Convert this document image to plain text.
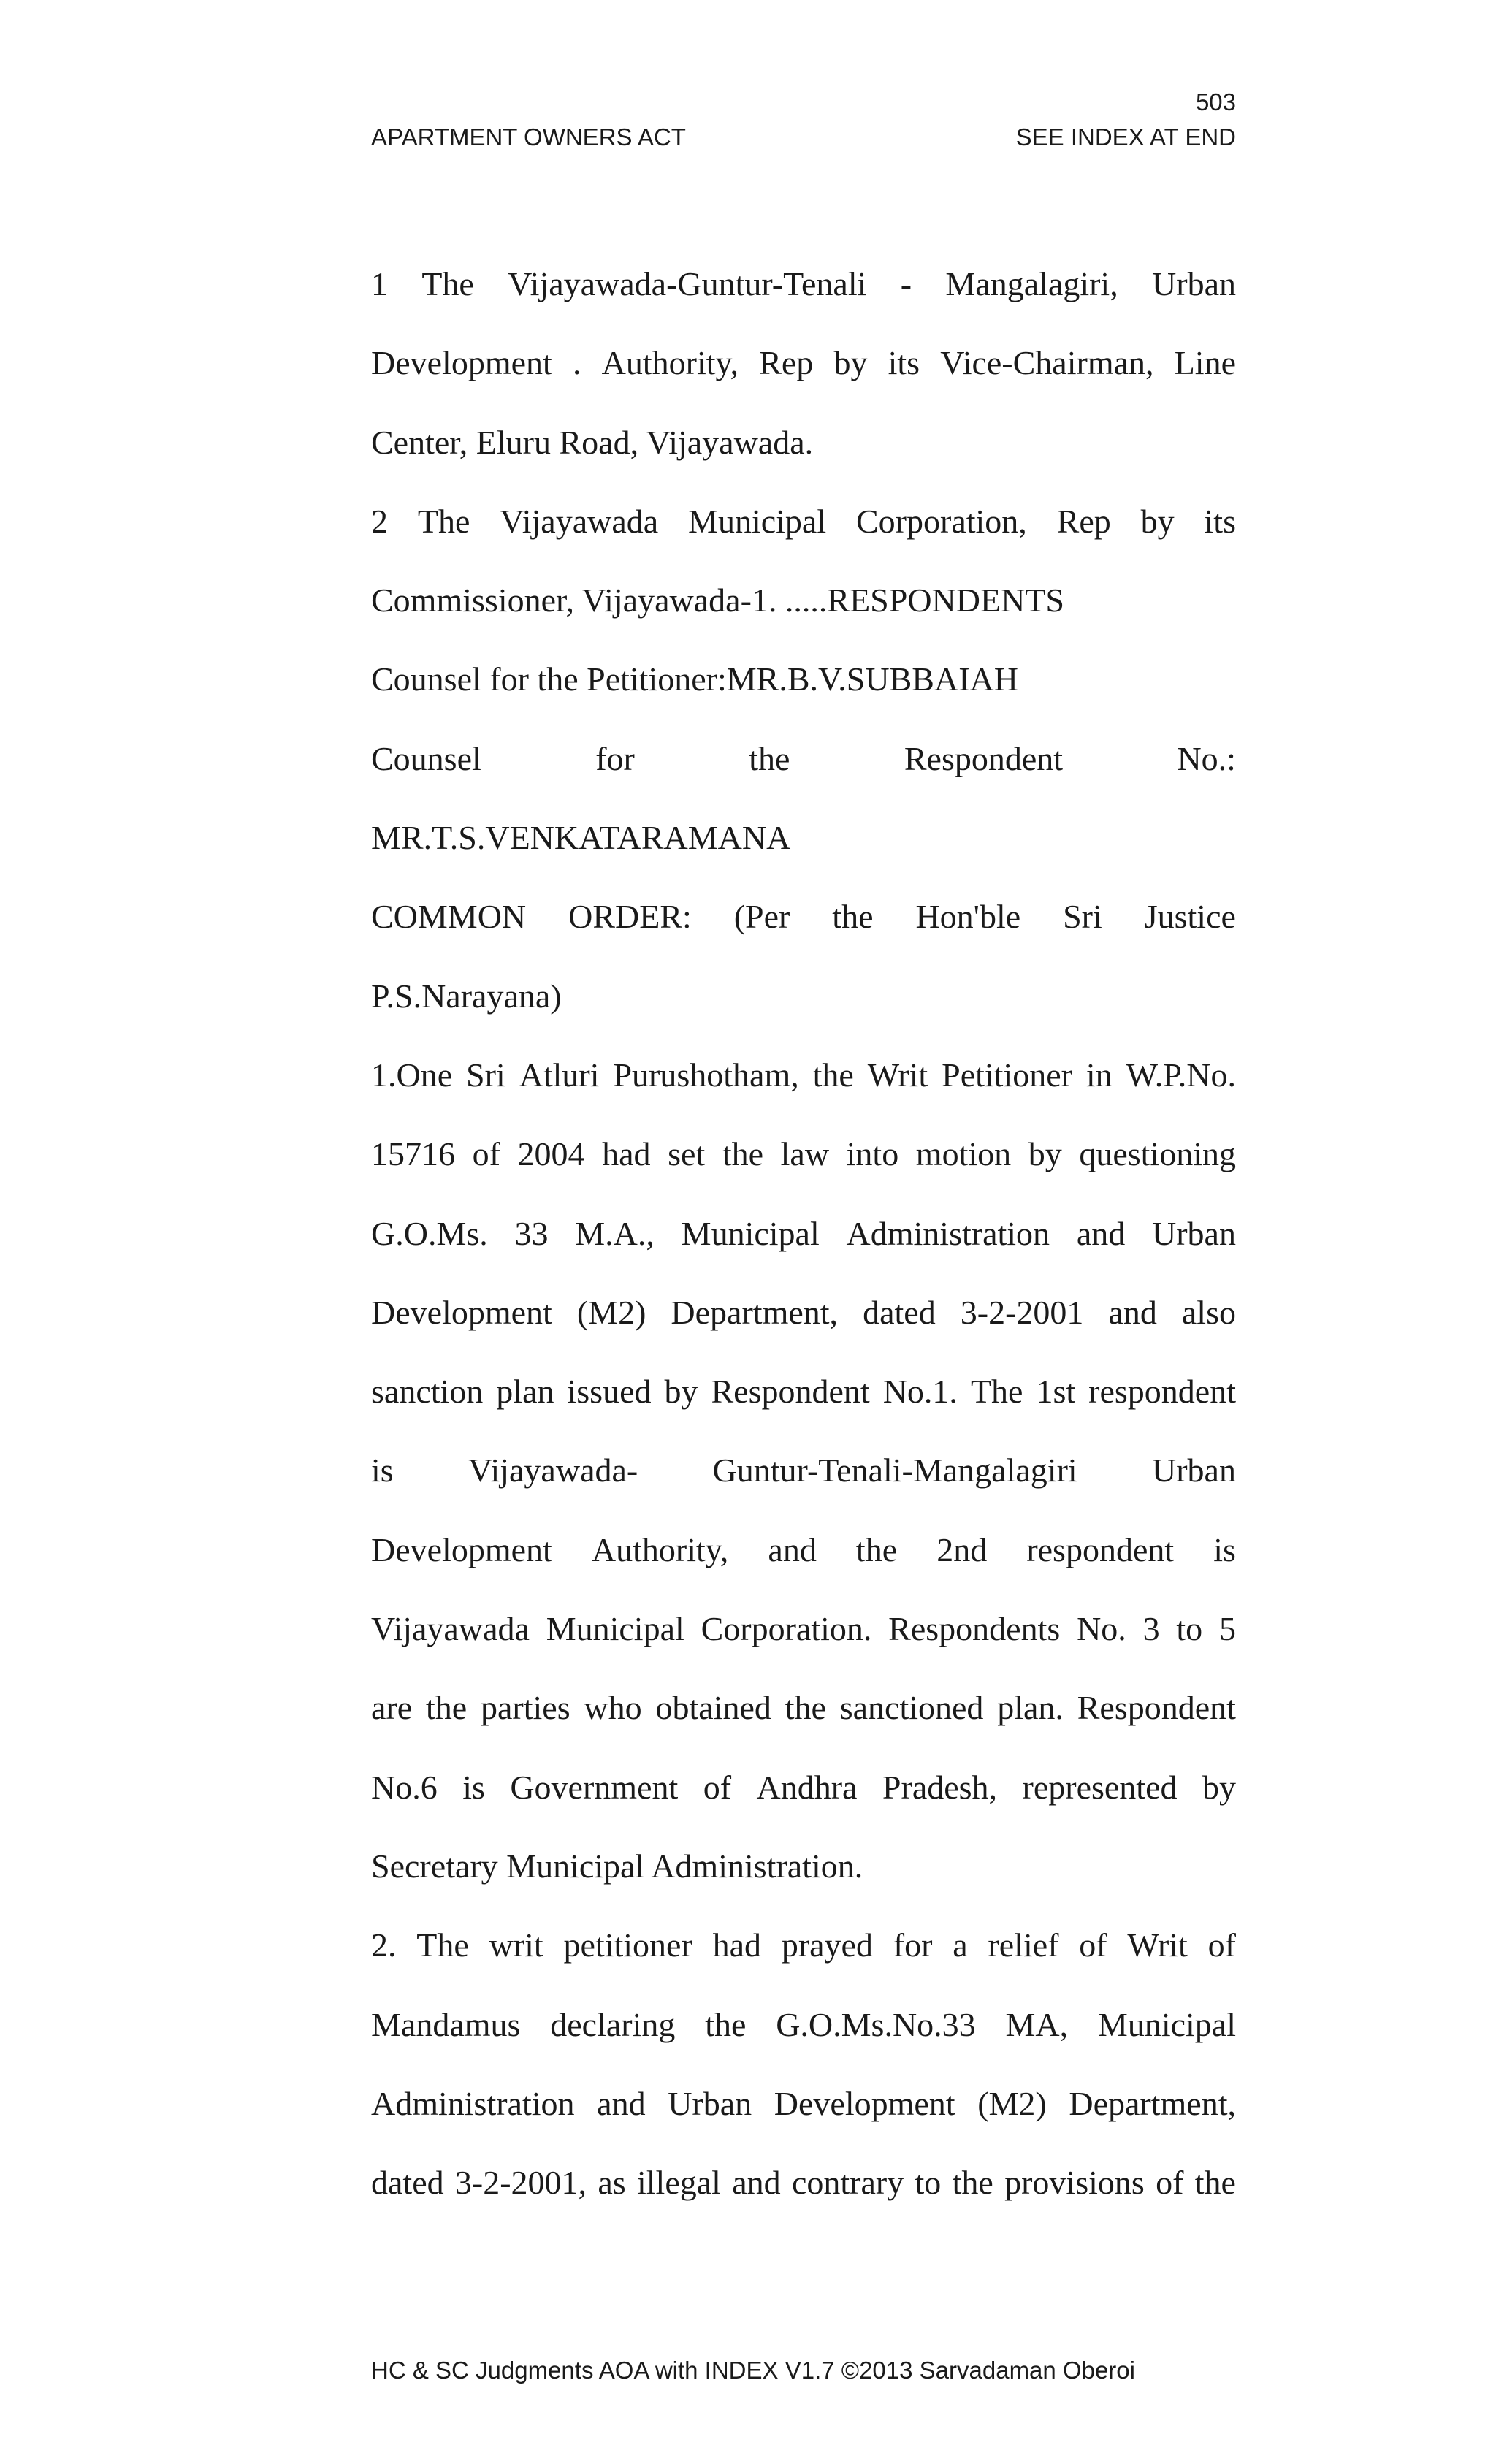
503
APARTMENT OWNERS ACT	SEE INDEX AT END
1 The Vijayawada-Guntur-Tenali - Mangalagiri, Urban
Development . Authority, Rep by its Vice-Chairman, Line
Center, Eluru Road, Vijayawada.
2 The Vijayawada Municipal Corporation, Rep by its
Commissioner, Vijayawada-1. .....RESPONDENTS
Counsel for the Petitioner:MR.B.V.SUBBAIAH
Counsel	for	the	Respondent	No.:
MR.T.S.VENKATARAMANA
COMMON ORDER: (Per the Hon'ble Sri Justice
P.S.Narayana)
1.One Sri Atluri Purushotham, the Writ Petitioner in W.P.No.
15716 of 2004 had set the law into motion by questioning
G.O.Ms. 33 M.A., Municipal Administration and Urban
Development (M2) Department, dated 3-2-2001 and also
sanction plan issued by Respondent No.1. The 1st respondent
is Vijayawada- Guntur-Tenali-Mangalagiri Urban
Development Authority, and the 2nd respondent is
Vijayawada Municipal Corporation. Respondents No. 3 to 5
are the parties who obtained the sanctioned plan. Respondent
No.6 is Government of Andhra Pradesh, represented by
Secretary Municipal Administration.
2. The writ petitioner had prayed for a relief of Writ of
Mandamus declaring the G.O.Ms.No.33 MA, Municipal
Administration and Urban Development (M2) Department,
dated 3-2-2001, as illegal and contrary to the provisions of the
HC & SC Judgments AOA with INDEX V1.7 ©2013 Sarvadaman Oberoi
